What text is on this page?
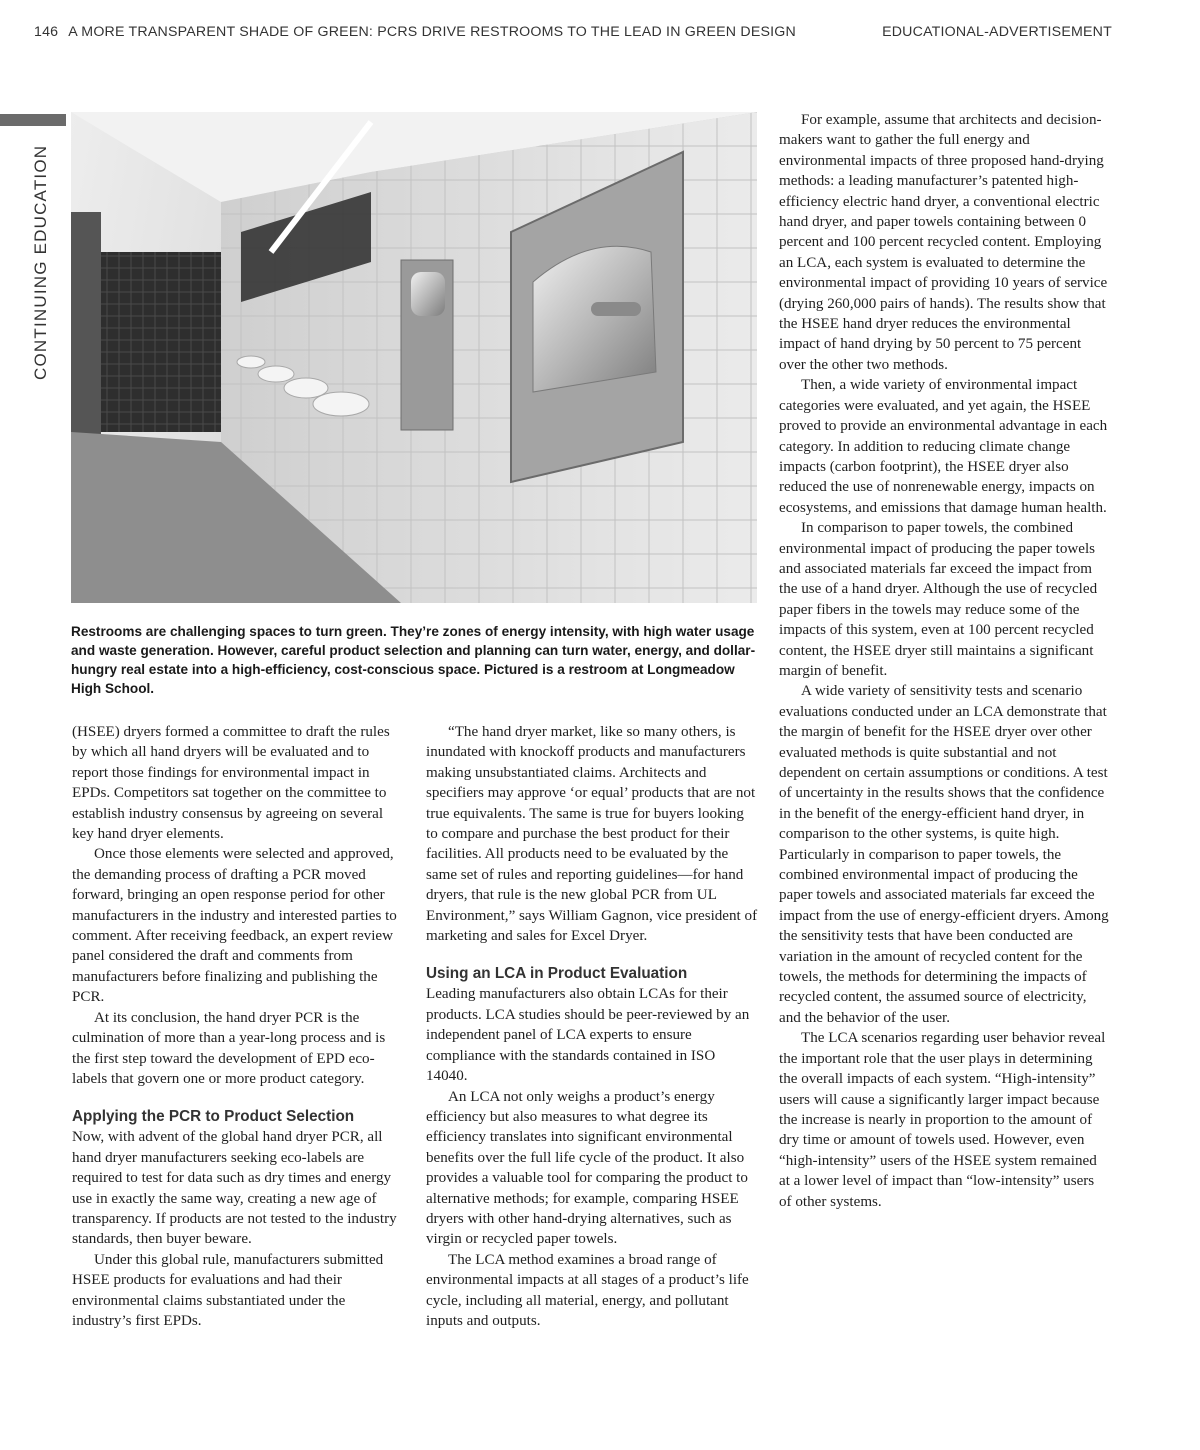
146 A MORE TRANSPARENT SHADE OF GREEN: PCRS DRIVE RESTROOMS TO THE LEAD IN GREEN DESIGN	EDUCATIONAL-ADVERTISEMENT
CONTINUING EDUCATION
Restrooms are challenging spaces to turn green. They’re zones of energy intensity, with high water usage and waste generation. However, careful product selection and planning can turn water, energy, and dollar-hungry real estate into a high-efficiency, cost-conscious space. Pictured is a restroom at Longmeadow High School.

(HSEE) dryers formed a committee to draft the rules by which all hand dryers will be evaluated and to report those findings for environmental impact in EPDs. Competitors sat together on the committee to establish industry consensus by agreeing on several key hand dryer elements.

Once those elements were selected and approved, the demanding process of drafting a PCR moved forward, bringing an open response period for other manufacturers in the industry and interested parties to comment. After receiving feedback, an expert review panel considered the draft and comments from manufacturers before finalizing and publishing the PCR.

At its conclusion, the hand dryer PCR is the culmination of more than a year-long process and is the first step toward the development of EPD eco-labels that govern one or more product category.

Applying the PCR to Product Selection

Now, with advent of the global hand dryer PCR, all hand dryer manufacturers seeking eco-labels are required to test for data such as dry times and energy use in exactly the same way, creating a new age of transparency. If products are not tested to the industry standards, then buyer beware.

Under this global rule, manufacturers submitted HSEE products for evaluations and had their environmental claims substantiated under the industry’s first EPDs.

“The hand dryer market, like so many others, is inundated with knockoff products and manufacturers making unsubstantiated claims. Architects and specifiers may approve ‘or equal’ products that are not true equivalents. The same is true for buyers looking to compare and purchase the best product for their facilities. All products need to be evaluated by the same set of rules and reporting guidelines—for hand dryers, that rule is the new global PCR from UL Environment,” says William Gagnon, vice president of marketing and sales for Excel Dryer.

Using an LCA in Product Evaluation

Leading manufacturers also obtain LCAs for their products. LCA studies should be peer-reviewed by an independent panel of LCA experts to ensure compliance with the standards contained in ISO 14040.

An LCA not only weighs a product’s energy efficiency but also measures to what degree its efficiency translates into significant environmental benefits over the full life cycle of the product. It also provides a valuable tool for comparing the product to alternative methods; for example, comparing HSEE dryers with other hand-drying alternatives, such as virgin or recycled paper towels.

The LCA method examines a broad range of environmental impacts at all stages of a product’s life cycle, including all material, energy, and pollutant inputs and outputs.

For example, assume that architects and decision-makers want to gather the full energy and environmental impacts of three proposed hand-drying methods: a leading manufacturer’s patented high-efficiency electric hand dryer, a conventional electric hand dryer, and paper towels containing between 0 percent and 100 percent recycled content. Employing an LCA, each system is evaluated to determine the environmental impact of providing 10 years of service (drying 260,000 pairs of hands). The results show that the HSEE hand dryer reduces the environmental impact of hand drying by 50 percent to 75 percent over the other two methods.

Then, a wide variety of environmental impact categories were evaluated, and yet again, the HSEE proved to provide an environmental advantage in each category. In addition to reducing climate change impacts (carbon footprint), the HSEE dryer also reduced the use of nonrenewable energy, impacts on ecosystems, and emissions that damage human health.

In comparison to paper towels, the combined environmental impact of producing the paper towels and associated materials far exceed the impact from the use of a hand dryer. Although the use of recycled paper fibers in the towels may reduce some of the impacts of this system, even at 100 percent recycled content, the HSEE dryer still maintains a significant margin of benefit.

A wide variety of sensitivity tests and scenario evaluations conducted under an LCA demonstrate that the margin of benefit for the HSEE dryer over other evaluated methods is quite substantial and not dependent on certain assumptions or conditions. A test of uncertainty in the results shows that the confidence in the benefit of the energy-efficient hand dryer, in comparison to the other systems, is quite high. Particularly in comparison to paper towels, the combined environmental impact of producing the paper towels and associated materials far exceed the impact from the use of energy-efficient dryers. Among the sensitivity tests that have been conducted are variation in the amount of recycled content for the towels, the methods for determining the impacts of recycled content, the assumed source of electricity, and the behavior of the user.

The LCA scenarios regarding user behavior reveal the important role that the user plays in determining the overall impacts of each system. “High-intensity” users will cause a significantly larger impact because the increase is nearly in proportion to the amount of dry time or amount of towels used. However, even “high-intensity” users of the HSEE system remained at a lower level of impact than “low-intensity” users of other systems.
